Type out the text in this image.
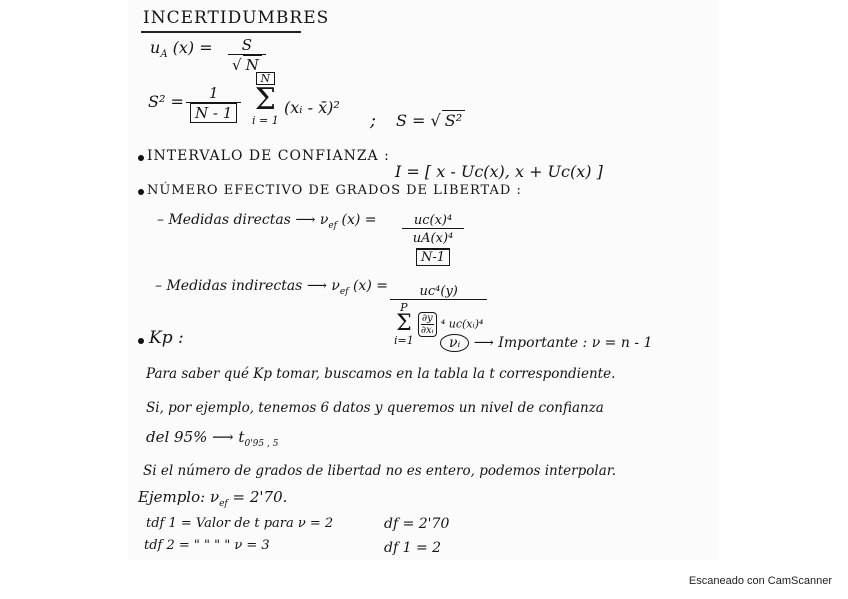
INCERTIDUMBRES
$u_A$ $(x) = \frac{S}{√ N}$
$S^2 = \frac{1}{N - 1}$
N
Σ
i = 1
(xᵢ - x̄)²
; S = √ S²
INTERVALO DE CONFIANZA :
I = [ x - Uc(x), x + Uc(x) ]
NÚMERO EFECTIVO DE GRADOS DE LIBERTAD :
– Medidas directas ⟶ $\nu_{ef}$ (x) = uc(x)⁴
uA(x)⁴
N-1
– Medidas indirectas ⟶ $\nu_{ef}$ (x) =	uc⁴(y)
P
Σ
i=1

$\frac{\partial y}{\text{∂xᵢ}} ^4$ uc(xᵢ)⁴
νᵢ ⟶ Importante : ν = n - 1
Kp :
Para saber qué Kp tomar, buscamos en la tabla la t correspondiente.
Si, por ejemplo, tenemos 6 datos y queremos un nivel de confianza
del 95% ⟶ $t_{0'95 , 5}$
Si el número de grados de libertad no es entero, podemos interpolar.
Ejemplo: $\nu_{ef} = 2'70$.
tdf 1 = Valor de t para ν = 2
tdf 2 = " " " " ν = 3
df = 2'70
df 1 = 2
Escaneado con CamScanner
